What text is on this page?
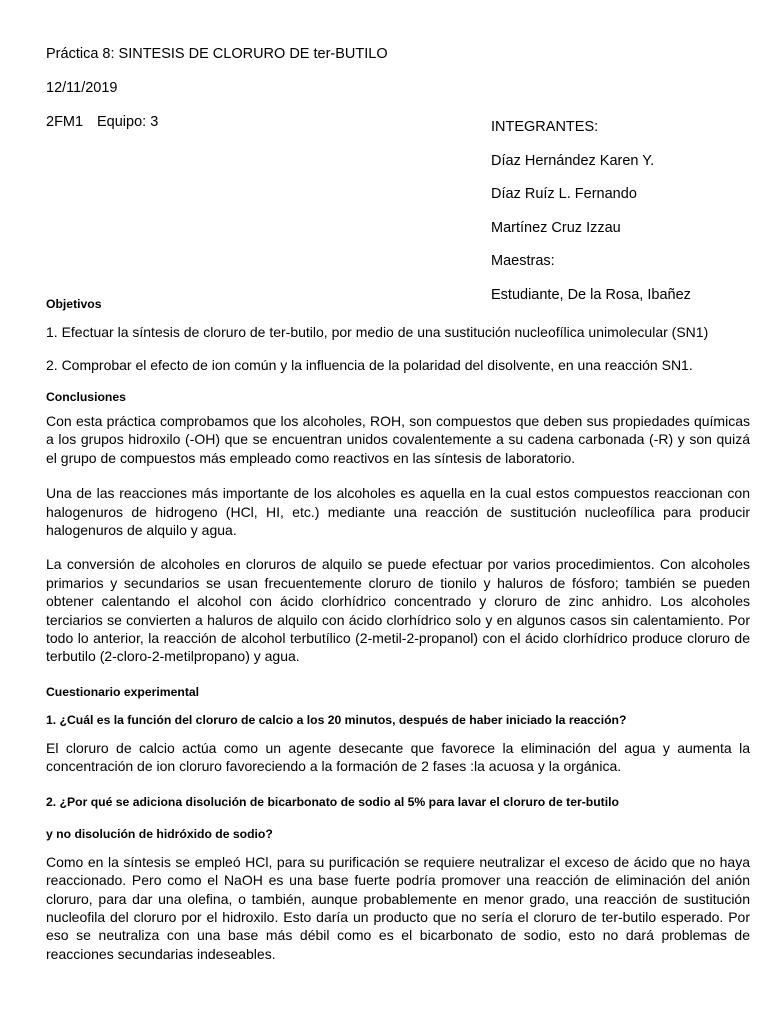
Práctica 8: SINTESIS DE CLORURO DE ter-BUTILO
12/11/2019
2FM1 Equipo: 3	INTEGRANTES:
Díaz Hernández Karen Y.
Díaz Ruíz L. Fernando
Martínez Cruz Izzau
Maestras:
Estudiante, De la Rosa, Ibañez

Objetivos

1. Efectuar la síntesis de cloruro de ter-butilo, por medio de una sustitución nucleofílica unimolecular (SN1)

2. Comprobar el efecto de ion común y la influencia de la polaridad del disolvente, en una reacción SN1.

Conclusiones

Con esta práctica comprobamos que los alcoholes, ROH, son compuestos que deben sus propiedades químicas a los grupos hidroxilo (-OH) que se encuentran unidos covalentemente a su cadena carbonada (-R) y son quizá el grupo de compuestos más empleado como reactivos en las síntesis de laboratorio.

Una de las reacciones más importante de los alcoholes es aquella en la cual estos compuestos reaccionan con halogenuros de hidrogeno (HCl, HI, etc.) mediante una reacción de sustitución nucleofílica para producir halogenuros de alquilo y agua.

La conversión de alcoholes en cloruros de alquilo se puede efectuar por varios procedimientos. Con alcoholes primarios y secundarios se usan frecuentemente cloruro de tionilo y haluros de fósforo; también se pueden obtener calentando el alcohol con ácido clorhídrico concentrado y cloruro de zinc anhidro. Los alcoholes terciarios se convierten a haluros de alquilo con ácido clorhídrico solo y en algunos casos sin calentamiento. Por todo lo anterior, la reacción de alcohol terbutílico (2-metil-2-propanol) con el ácido clorhídrico produce cloruro de terbutilo (2-cloro-2-metilpropano) y agua.

Cuestionario experimental

1. ¿Cuál es la función del cloruro de calcio a los 20 minutos, después de haber iniciado la reacción?

El cloruro de calcio actúa como un agente desecante que favorece la eliminación del agua y aumenta la concentración de ion cloruro favoreciendo a la formación de 2 fases :la acuosa y la orgánica.

2. ¿Por qué se adiciona disolución de bicarbonato de sodio al 5% para lavar el cloruro de ter-butilo

y no disolución de hidróxido de sodio?

Como en la síntesis se empleó HCl, para su purificación se requiere neutralizar el exceso de ácido que no haya reaccionado. Pero como el NaOH es una base fuerte podría promover una reacción de eliminación del anión cloruro, para dar una olefina, o también, aunque probablemente en menor grado, una reacción de sustitución nucleofila del cloruro por el hidroxilo. Esto daría un producto que no sería el cloruro de ter-butilo esperado. Por eso se neutraliza con una base más débil como es el bicarbonato de sodio, esto no dará problemas de reacciones secundarias indeseables.
